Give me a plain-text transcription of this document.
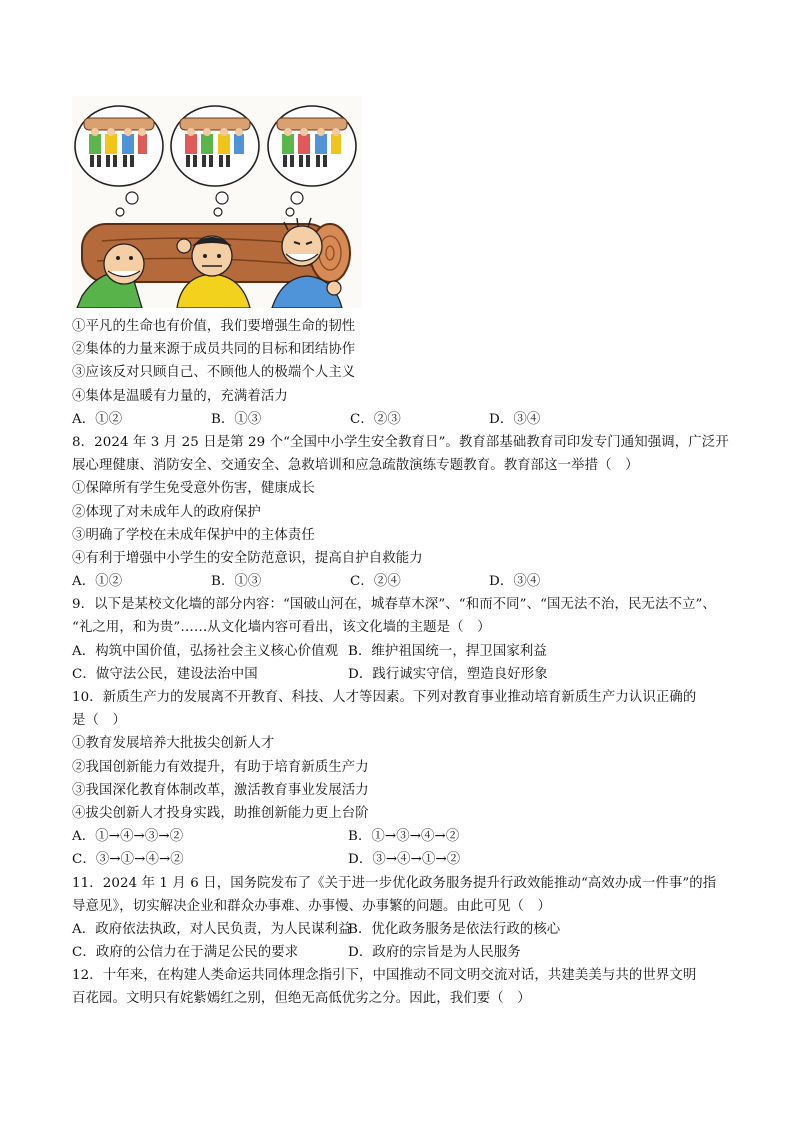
①平凡的生命也有价值，我们要增强生命的韧性
②集体的力量来源于成员共同的目标和团结协作
③应该反对只顾自己、不顾他人的极端个人主义
④集体是温暖有力量的，充满着活力
A．①②	B．①③	C．②③	D．③④
8．2024 年 3 月 25 日是第 29 个“全国中小学生安全教育日”。教育部基础教育司印发专门通知强调，广泛开
展心理健康、消防安全、交通安全、急救培训和应急疏散演练专题教育。教育部这一举措（　）
①保障所有学生免受意外伤害，健康成长
②体现了对未成年人的政府保护
③明确了学校在未成年保护中的主体责任
④有利于增强中小学生的安全防范意识，提高自护自救能力
A．①②	B．①③	C．②④	D．③④
9．以下是某校文化墙的部分内容：“国破山河在，城春草木深”、“和而不同”、“国无法不治，民无法不立”、
“礼之用，和为贵”……从文化墙内容可看出，该文化墙的主题是（　）
A．构筑中国价值，弘扬社会主义核心价值观 B．维护祖国统一，捍卫国家利益
C．做守法公民，建设法治中国	D．践行诚实守信，塑造良好形象
10．新质生产力的发展离不开教育、科技、人才等因素。下列对教育事业推动培育新质生产力认识正确的
是（　）
①教育发展培养大批拔尖创新人才
②我国创新能力有效提升，有助于培育新质生产力
③我国深化教育体制改革，激活教育事业发展活力
④拔尖创新人才投身实践，助推创新能力更上台阶
A．①→④→③→②	B．①→③→④→②
C．③→①→④→②	D．③→④→①→②
11．2024 年 1 月 6 日，国务院发布了《关于进一步优化政务服务提升行政效能推动“高效办成一件事”的指
导意见》，切实解决企业和群众办事难、办事慢、办事繁的问题。由此可见（　）
A．政府依法执政，对人民负责，为人民谋利益
B．优化政务服务是依法行政的核心
C．政府的公信力在于满足公民的要求	D．政府的宗旨是为人民服务
12．十年来，在构建人类命运共同体理念指引下，中国推动不同文明交流对话，共建美美与共的世界文明
百花园。文明只有姹紫嫣红之别，但绝无高低优劣之分。因此，我们要（　）
